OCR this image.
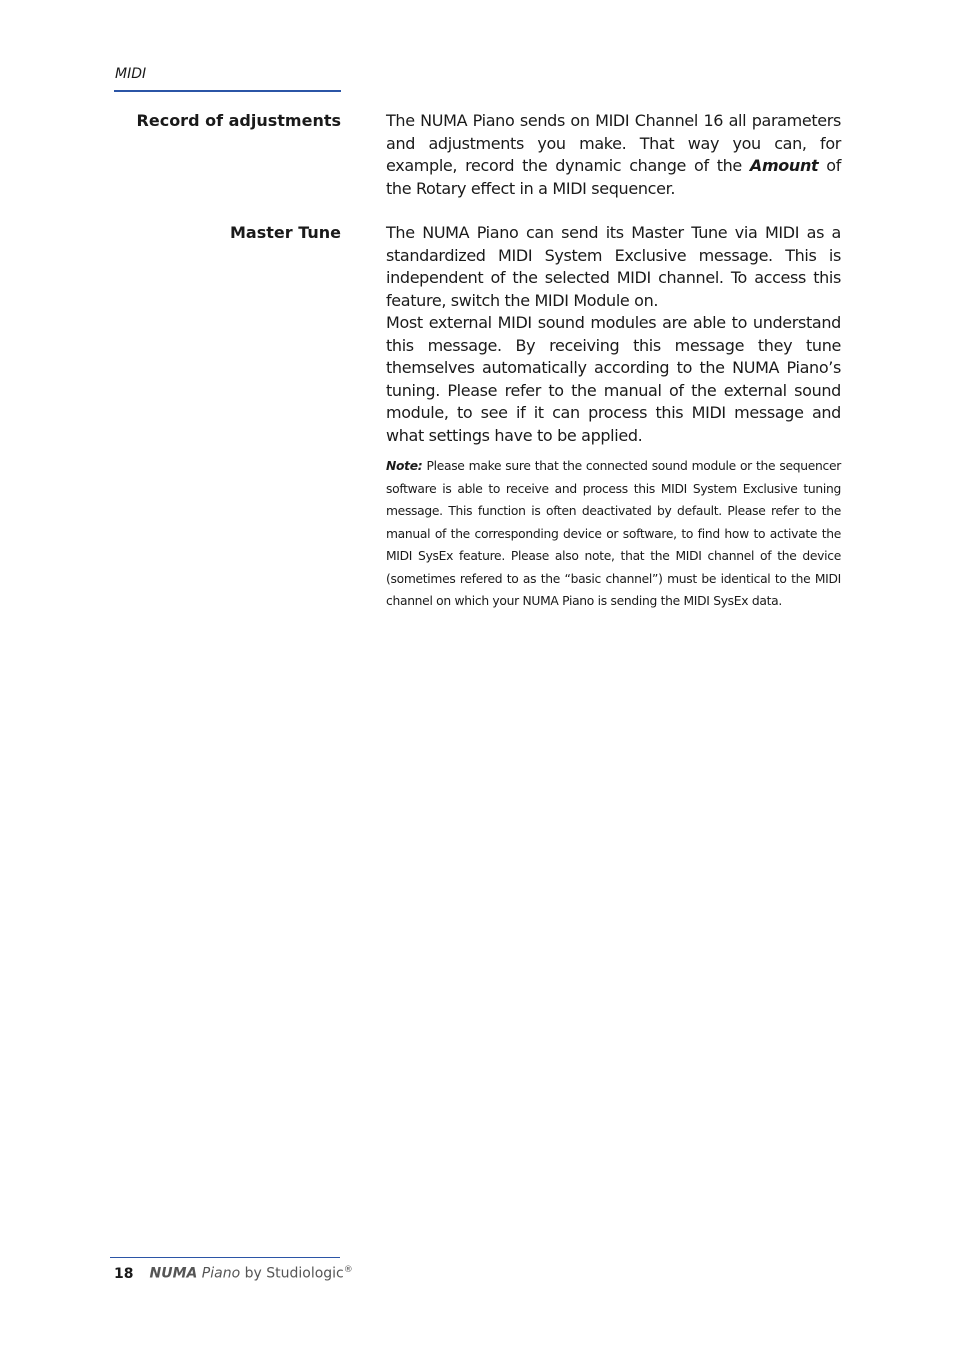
MIDI
Record of adjustments	The NUMA Piano sends on MIDI Channel 16 all parameters and adjustments you make. That way you can, for example, record the dynamic change of the Amount of the Rotary effect in a MIDI sequencer.

Master Tune	The NUMA Piano can send its Master Tune via MIDI as a standardized MIDI System Exclusive message. This is independent of the selected MIDI channel. To access this feature, switch the MIDI Module on.

Most external MIDI sound modules are able to understand this message. By receiving this message they tune themselves automatically according to the NUMA Piano’s tuning. Please refer to the manual of the external sound module, to see if it can process this MIDI message and what settings have to be applied.

Note: Please make sure that the connected sound module or the sequencer software is able to receive and process this MIDI System Exclusive tuning message. This function is often deactivated by default. Please refer to the manual of the corresponding device or software, to find how to activate the MIDI SysEx feature. Please also note, that the MIDI channel of the device (sometimes refered to as the “basic channel”) must be identical to the MIDI channel on which your NUMA Piano is sending the MIDI SysEx data.

18 NUMA Piano by Studiologic®
